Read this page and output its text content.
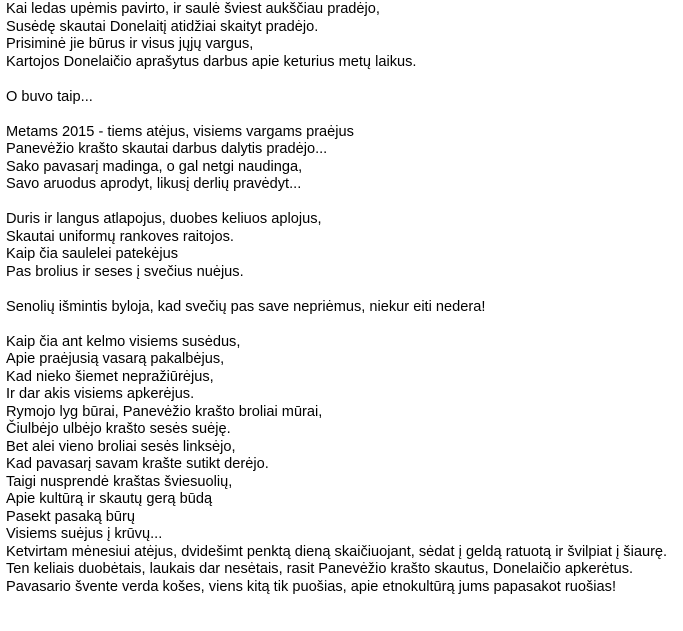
Kai ledas upėmis pavirto, ir saulė šviest aukščiau pradėjo,
Susėdę skautai Donelaitį atidžiai skaityt pradėjo.
Prisiminė jie būrus ir visus jųjų vargus,
Kartojos Donelaičio aprašytus darbus apie keturius metų laikus.
O buvo taip...
Metams 2015 - tiems atėjus, visiems vargams praėjus
Panevėžio krašto skautai darbus dalytis pradėjo...
Sako pavasarį madinga, o gal netgi naudinga,
Savo aruodus aprodyt, likusį derlių pravėdyt...
Duris ir langus atlapojus, duobes keliuos aplojus,
Skautai uniformų rankoves raitojos.
Kaip čia saulelei patekėjus
Pas brolius ir seses į svečius nuėjus.
Senolių išmintis byloja, kad svečių pas save nepriėmus, niekur eiti nedera!
Kaip čia ant kelmo visiems susėdus,
Apie praėjusią vasarą pakalbėjus,
Kad nieko šiemet nepražiūrėjus,
Ir dar akis visiems apkerėjus.
Rymojo lyg būrai, Panevėžio krašto broliai mūrai,
Čiulbėjo ulbėjo krašto sesės suėję.
Bet alei vieno broliai sesės linksėjo,
Kad pavasarį savam krašte sutikt derėjo.
Taigi nusprendė kraštas šviesuolių,
Apie kultūrą ir skautų gerą būdą
Pasekt pasaką būrų
Visiems suėjus į krūvų...
Ketvirtam mėnesiui atėjus, dvidešimt penktą dieną skaičiuojant, sėdat į geldą ratuotą ir švilpiat į šiaurę.
Ten keliais duobėtais, laukais dar nesėtais, rasit Panevėžio krašto skautus, Donelaičio apkerėtus.
Pavasario švente verda košes, viens kitą tik puošias, apie etnokultūrą jums papasakot ruošias!
